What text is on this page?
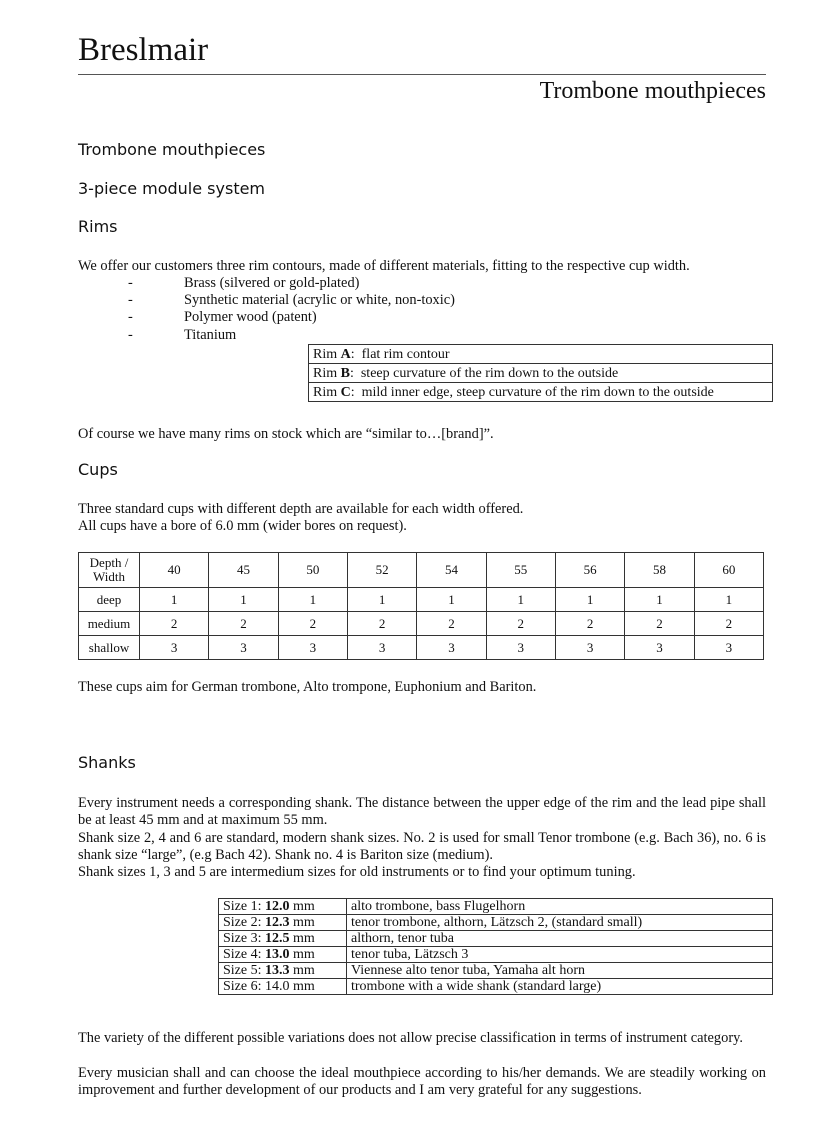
Breslmair
Trombone mouthpieces
Trombone mouthpieces
3-piece module system
Rims
We offer our customers three rim contours, made of different materials, fitting to the respective cup width.
-	Brass (silvered or gold-plated)
-	Synthetic material (acrylic or white, non-toxic)
-	Polymer wood (patent)
-	Titanium
Rim A: flat rim contour
Rim B: steep curvature of the rim down to the outside
Rim C: mild inner edge, steep curvature of the rim down to the outside
Of course we have many rims on stock which are “similar to…[brand]”.
Cups
Three standard cups with different depth are available for each width offered.
All cups have a bore of 6.0 mm (wider bores on request).
Depth /
Width	40	45	50	52	54	55	56	58	60
deep	1	1	1	1	1	1	1	1	1
medium	2	2	2	2	2	2	2	2	2
shallow	3	3	3	3	3	3	3	3	3
These cups aim for German trombone, Alto trompone, Euphonium and Bariton.
Shanks
Every instrument needs a corresponding shank. The distance between the upper edge of the rim and the lead pipe shall be at least 45 mm and at maximum 55 mm.
Shank size 2, 4 and 6 are standard, modern shank sizes. No. 2 is used for small Tenor trombone (e.g. Bach 36), no. 6 is shank size “large”, (e.g Bach 42). Shank no. 4 is Bariton size (medium).
Shank sizes 1, 3 and 5 are intermedium sizes for old instruments or to find your optimum tuning.
Size 1: 12.0 mm	alto trombone, bass Flugelhorn
Size 2: 12.3 mm	tenor trombone, althorn, Lätzsch 2, (standard small)
Size 3: 12.5 mm	althorn, tenor tuba
Size 4: 13.0 mm	tenor tuba, Lätzsch 3
Size 5: 13.3 mm	Viennese alto tenor tuba, Yamaha alt horn
Size 6: 14.0 mm	trombone with a wide shank (standard large)
The variety of the different possible variations does not allow precise classification in terms of instrument category.
Every musician shall and can choose the ideal mouthpiece according to his/her demands. We are steadily working on improvement and further development of our products and I am very grateful for any suggestions.
